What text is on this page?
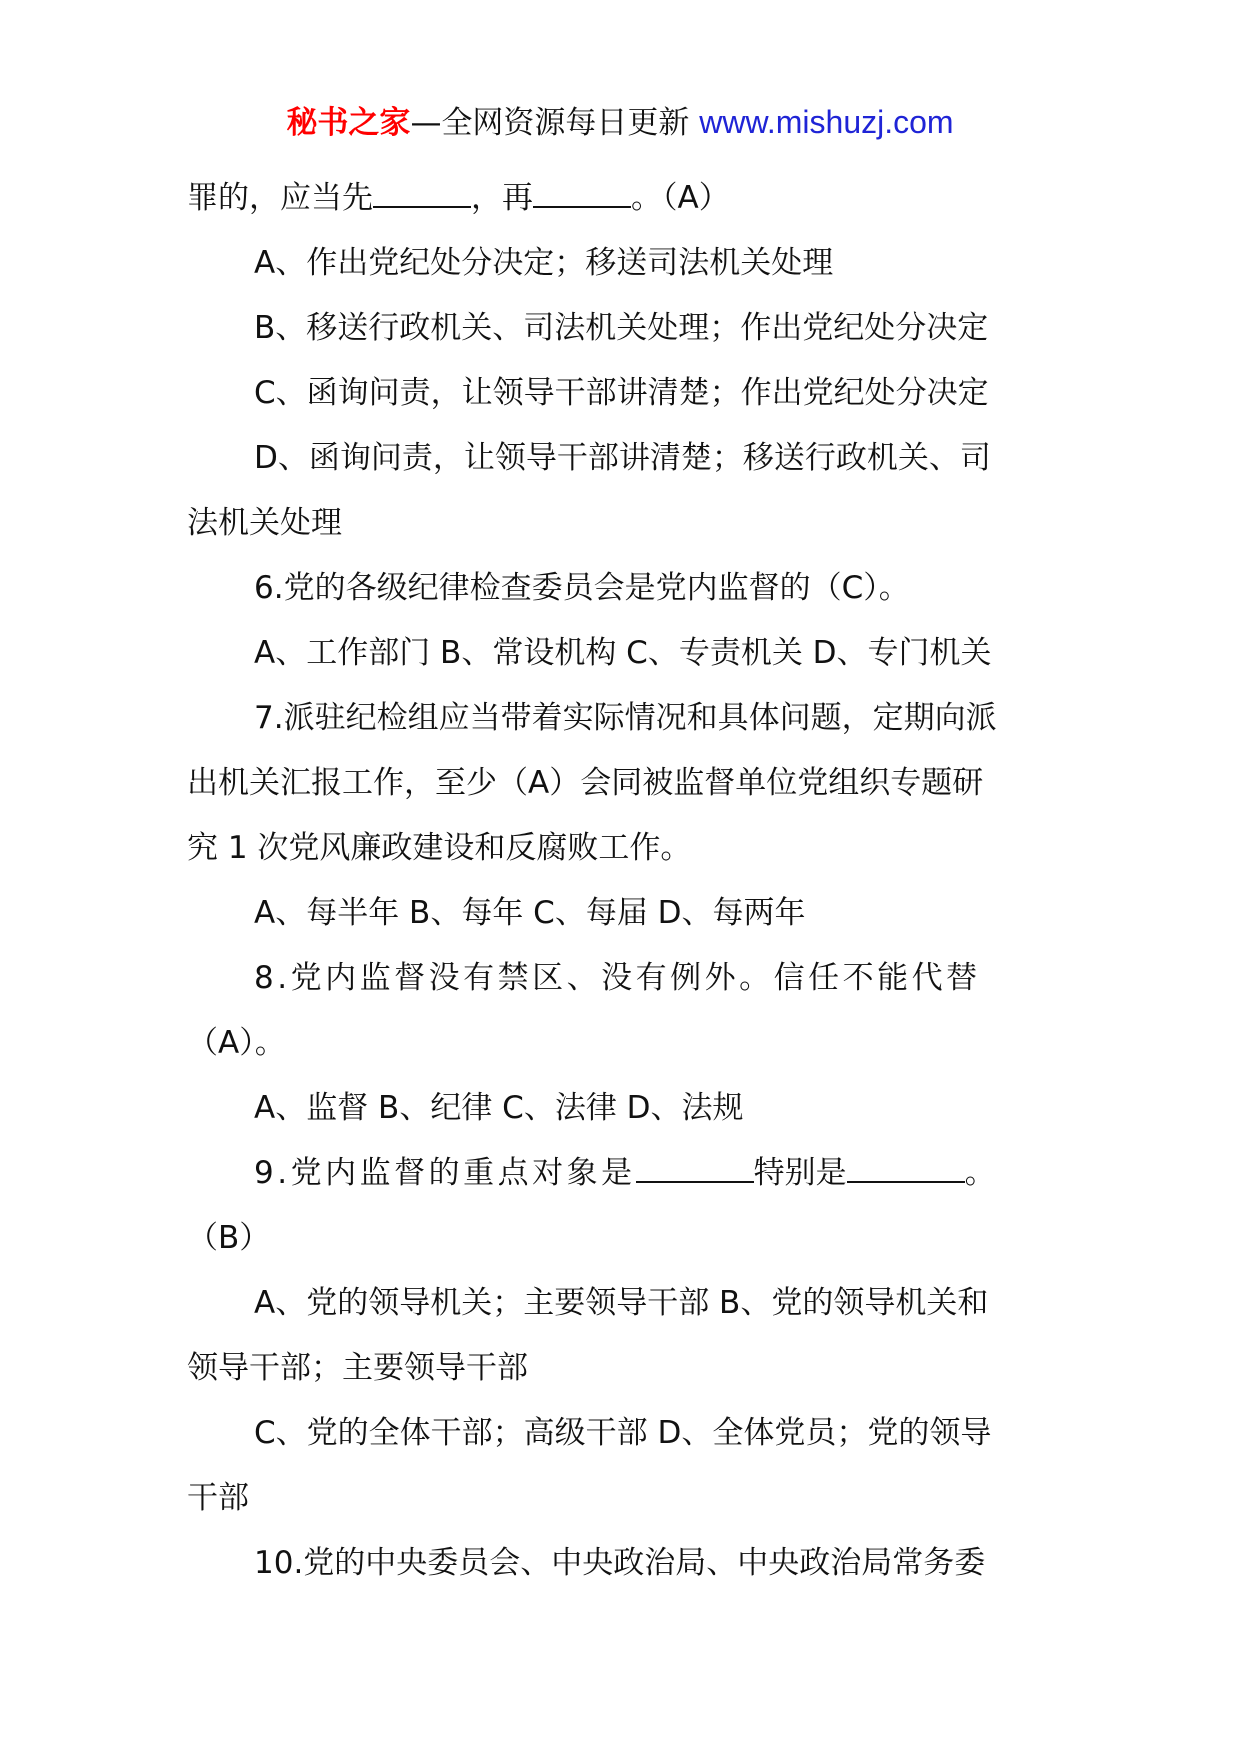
秘书之家—全网资源每日更新 www.mishuzj.com
罪的，应当先	，再	。（A）
A、作出党纪处分决定；移送司法机关处理
B、移送行政机关、司法机关处理；作出党纪处分决定
C、函询问责，让领导干部讲清楚；作出党纪处分决定
D、函询问责，让领导干部讲清楚；移送行政机关、司
法机关处理
6.党的各级纪律检查委员会是党内监督的（C）。
A、工作部门 B、常设机构 C、专责机关 D、专门机关
7.派驻纪检组应当带着实际情况和具体问题，定期向派
出机关汇报工作，至少（A）会同被监督单位党组织专题研
究 1 次党风廉政建设和反腐败工作。
A、每半年 B、每年 C、每届 D、每两年
8.党内监督没有禁区、没有例外。信任不能代替
（A）。
A、监督 B、纪律 C、法律 D、法规
9.党内监督的重点对象是	特别是	。
（B）
A、党的领导机关；主要领导干部 B、党的领导机关和
领导干部；主要领导干部
C、党的全体干部；高级干部 D、全体党员；党的领导
干部
10.党的中央委员会、中央政治局、中央政治局常务委
